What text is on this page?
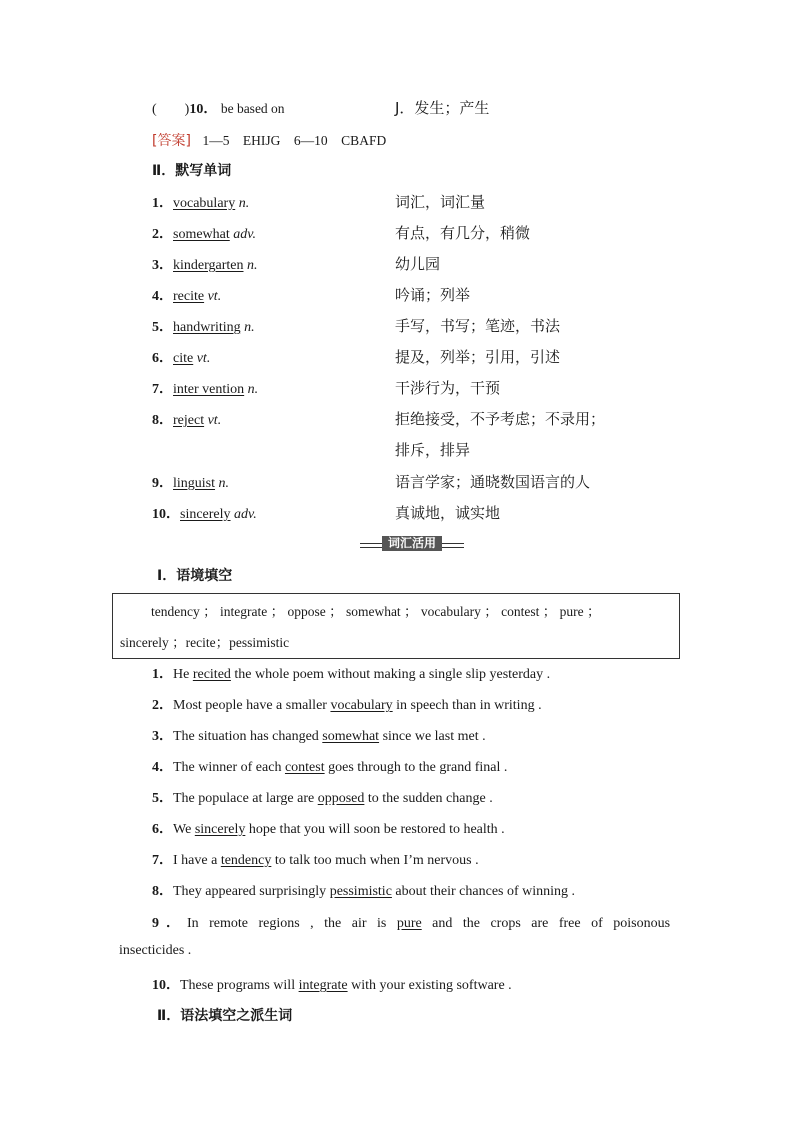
(　　)10． be based on	J．发生；产生
[答案] 1—5　EHIJG　6—10　CBAFD
Ⅱ．默写单词
1．vocabulary n.	词汇，词汇量
2．somewhat adv.	有点，有几分，稍微
3．kindergarten n.	幼儿园
4．recite vt.	吟诵；列举
5．handwriting n.	手写，书写；笔迹，书法
6．cite vt.	提及，列举；引用，引述
7．inter vention n.	干涉行为，干预
8．reject vt.	拒绝接受，不予考虑；不录用；
排斥，排异
9．linguist n.	语言学家；通晓数国语言的人
10．sincerely adv.	真诚地，诚实地
词汇活用
Ⅰ．语境填空
tendency ； integrate ； oppose ； somewhat ； vocabulary ； contest ； pure ；
sincerely ；recite；pessimistic
1．He recited the whole poem without making a single slip yesterday .
2．Most people have a smaller vocabulary in speech than in writing .
3．The situation has changed somewhat since we last met .
4．The winner of each contest goes through to the grand final .
5．The populace at large are opposed to the sudden change .
6．We sincerely hope that you will soon be restored to health .
7．I have a tendency to talk too much when I’m nervous .
8．They appeared surprisingly pessimistic about their chances of winning .
9．In remote regions , the air is pure and the crops are free of poisonous
insecticides .
10．These programs will integrate with your existing software .
Ⅱ．语法填空之派生词
